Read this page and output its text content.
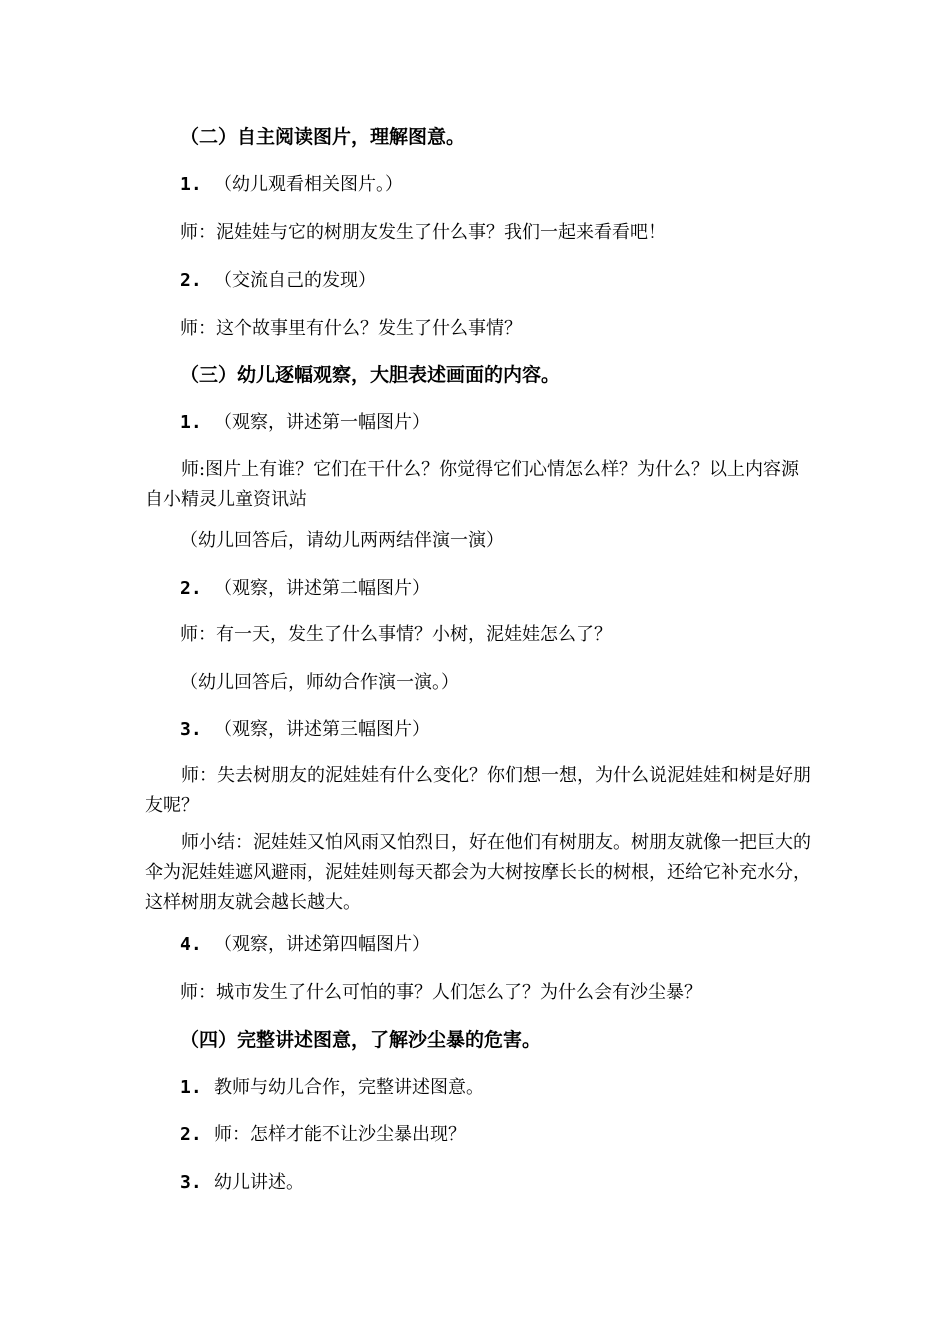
（二）自主阅读图片，理解图意。
1. （幼儿观看相关图片。）
师：泥娃娃与它的树朋友发生了什么事？我们一起来看看吧！
2. （交流自己的发现）
师：这个故事里有什么？发生了什么事情？
（三）幼儿逐幅观察，大胆表述画面的内容。
1. （观察，讲述第一幅图片）
师:图片上有谁？它们在干什么？你觉得它们心情怎么样？为什么？以上内容源自小精灵儿童资讯站
（幼儿回答后，请幼儿两两结伴演一演）
2. （观察，讲述第二幅图片）
师：有一天，发生了什么事情？小树，泥娃娃怎么了？
（幼儿回答后，师幼合作演一演。）
3. （观察，讲述第三幅图片）
师：失去树朋友的泥娃娃有什么变化？你们想一想，为什么说泥娃娃和树是好朋友呢？
师小结：泥娃娃又怕风雨又怕烈日，好在他们有树朋友。树朋友就像一把巨大的伞为泥娃娃遮风避雨，泥娃娃则每天都会为大树按摩长长的树根，还给它补充水分，这样树朋友就会越长越大。
4. （观察，讲述第四幅图片）
师：城市发生了什么可怕的事？人们怎么了？为什么会有沙尘暴？
（四）完整讲述图意，了解沙尘暴的危害。
1. 教师与幼儿合作，完整讲述图意。
2. 师：怎样才能不让沙尘暴出现？
3. 幼儿讲述。
